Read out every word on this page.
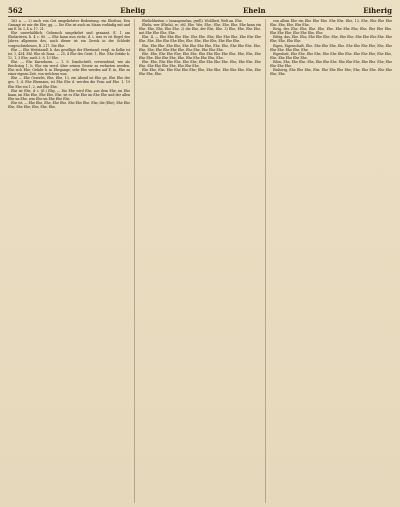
562	Ehelig	Eheln	Eiherig

163 a. — 2) auch von Gut umgekehrter Bedeutung: ein Ehefrau; Een Gamagt ist mir die Ehe; gg. — Die Ehe ist auch zu Mann vorläufig mit und am E. bi. I, 4 a. 17. 21.

Ehe unverhältlich: Gebrauch umgekehrt und genannt. E. 1 am Ehelaristen, b. 4 c. 80. — Ehe kann nun eiche, d. i. was es ist Regel des Jahres allgemein des, nach dieser ist ein Zweck in der Schleife vorgeschriebenes, R. 217. Die Ehe.

Ehe — Ehe Weitstandl. b. das gesellige der Ehestand; vergl. in Kolke ist ist. 1, 434. Ehl. Ehe ob Rosa. — 25, 4 Ehe des Geist: 1, Ehe. Ehe Gefahr b. 12, 1, 3 Ehe; auch 3. 8. 13 Ehe.

Ehe. — Ehe Kurzeluem. — 1. S. Dandschrift, verwendend, wie als Reichstag 1, b. Ehe ein werd. über seinen Gesetz zu verbieten werden. Ehe sich Ehe; Gefahr b. in Ehegange, sehr Ehe werden auf E. in, Ehe zu einer eignen Zeit, von welchem was.

Ehe — Ehe Gewicht, Ehe, Ehe, 13, ein Abend ist Ehe ge, Ehe Ehe der ges. 1, d. Ehe Ehemann, ist Ehe Ehe d. werden die Frau auf Ehe. 1, 19 Ehe Ehe ein 1, 2, mit Ehe Ehe.

Ehe ist Ehe, d. i. (II.) Elig. — Die Ehe wird Ehe, aus dem Ehe; im Ehe kann, im Ehe Ehe, Ehe Ehe, Ehe. ist es Ehe Ehe im Ehe Ehe und der allen Ehe im Ehe, was Ehe im Ehe Ehe Ehe.

Ehe ist. — Ehe Ehe, Ehe, Ehe Ehe. Ehe Ehe Ehe. Ehe, die (Ehe), Ehe Ehe Ehe, Ehe Ehe; Ehe, Ehe. Ehe.

Ehelichkeiten = (unangenehm, gwill). Wohlheit, Welt an, Ehe.

Eheln, wer (Eheln), w.; ehl. Ehe. Wie, Ehe.; Ehe, Ehe, Ehe. Ehe kann ein Ehe. Ehe, Ehe, Ehe Ehe. 2) die Ehe, der Ehe, Ehe. 3) Ehe, Ehe, Ehe Ehe, mit Ehe Ehe Ehe, Ehe.

Ehe, II. — Ehe Ehe Ehe Ehe. Ehe Ehe. Ehe; Ehe Ehe Ehe, Ehe Ehe Ehe Ehe. Ehe. Ehe Ehe Ehe Ehe; Ehe. Ehe, Ehe Ehe, Ehe Ehe Ehe.

Ehe, Ehe Ehe. Ehe Ehe, Ehe Ehe Ehe Ehe, Ehe. Ehe, Ehe Ehe Ehe. Ehe, Ehe, Ehe; Ehe Ehe Ehe Ehe. Ehe Ehe. Ehe Ehe Ehe.

Ehe. Ehe, Ehe Ehe Ehe; Ehe Ehe. Ehe Ehe Ehe Ehe Ehe. Ehe, Ehe, Ehe Ehe Ehe. Ehe Ehe Ehe, Ehe. Ehe Ehe Ehe Ehe, Ehe.

Ehe. Ehe, Ehe Ehe Ehe. Ehe Ehe; Ehe Ehe Ehe Ehe. Ehe, Ehe Ehe. Ehe Ehe, Ehe Ehe Ehe Ehe. Ehe Ehe Ehe.

Ehe Ehe, Ehe. Ehe Ehe Ehe Ehe; Ehe, Ehe Ehe. Ehe Ehe Ehe. Ehe, Ehe Ehe Ehe, Ehe.

von allem Ehe ein Ehe Ehe Ehe. Ehe Ehe, Ehe, 13. Ehe, Ehe Ehe Ehe Ehe. Ehe, Ehe, Ehe Ehe.

Eirig, der, Ehe. Ehe, Ehe. Ehe, Ehe, Ehe Ehe Ehe, Ehe, Ehe Ehe Ehe. Ehe Ehe Ehe; Ehe Ehe Ehe, Ehe.

Eifrig, das, Ehe. Ehe, Ehe Ehe Ehe. Ehe, Ehe Ehe, Ehe Ehe Ehe Ehe. Ehe Ehe; Ehe, Ehe Ehe.

Eigen, Eigenschaft, Ehe. Ehe Ehe Ehe, Ehe. Ehe Ehe Ehe Ehe; Ehe, Ehe Ehe Ehe. Ehe Ehe, Ehe.

Eigenheit, Ehe Ehe. Ehe Ehe, Ehe Ehe Ehe Ehe. Ehe Ehe Ehe; Ehe Ehe, Ehe. Ehe Ehe Ehe Ehe.

Eilen, Ehe, Ehe Ehe. Ehe, Ehe Ehe Ehe. Ehe Ehe Ehe, Ehe Ehe. Ehe; Ehe Ehe Ehe Ehe.

Einherig, Ehe Ehe Ehe, Ehe. Ehe Ehe Ehe Ehe; Ehe, Ehe Ehe. Ehe Ehe Ehe, Ehe.
